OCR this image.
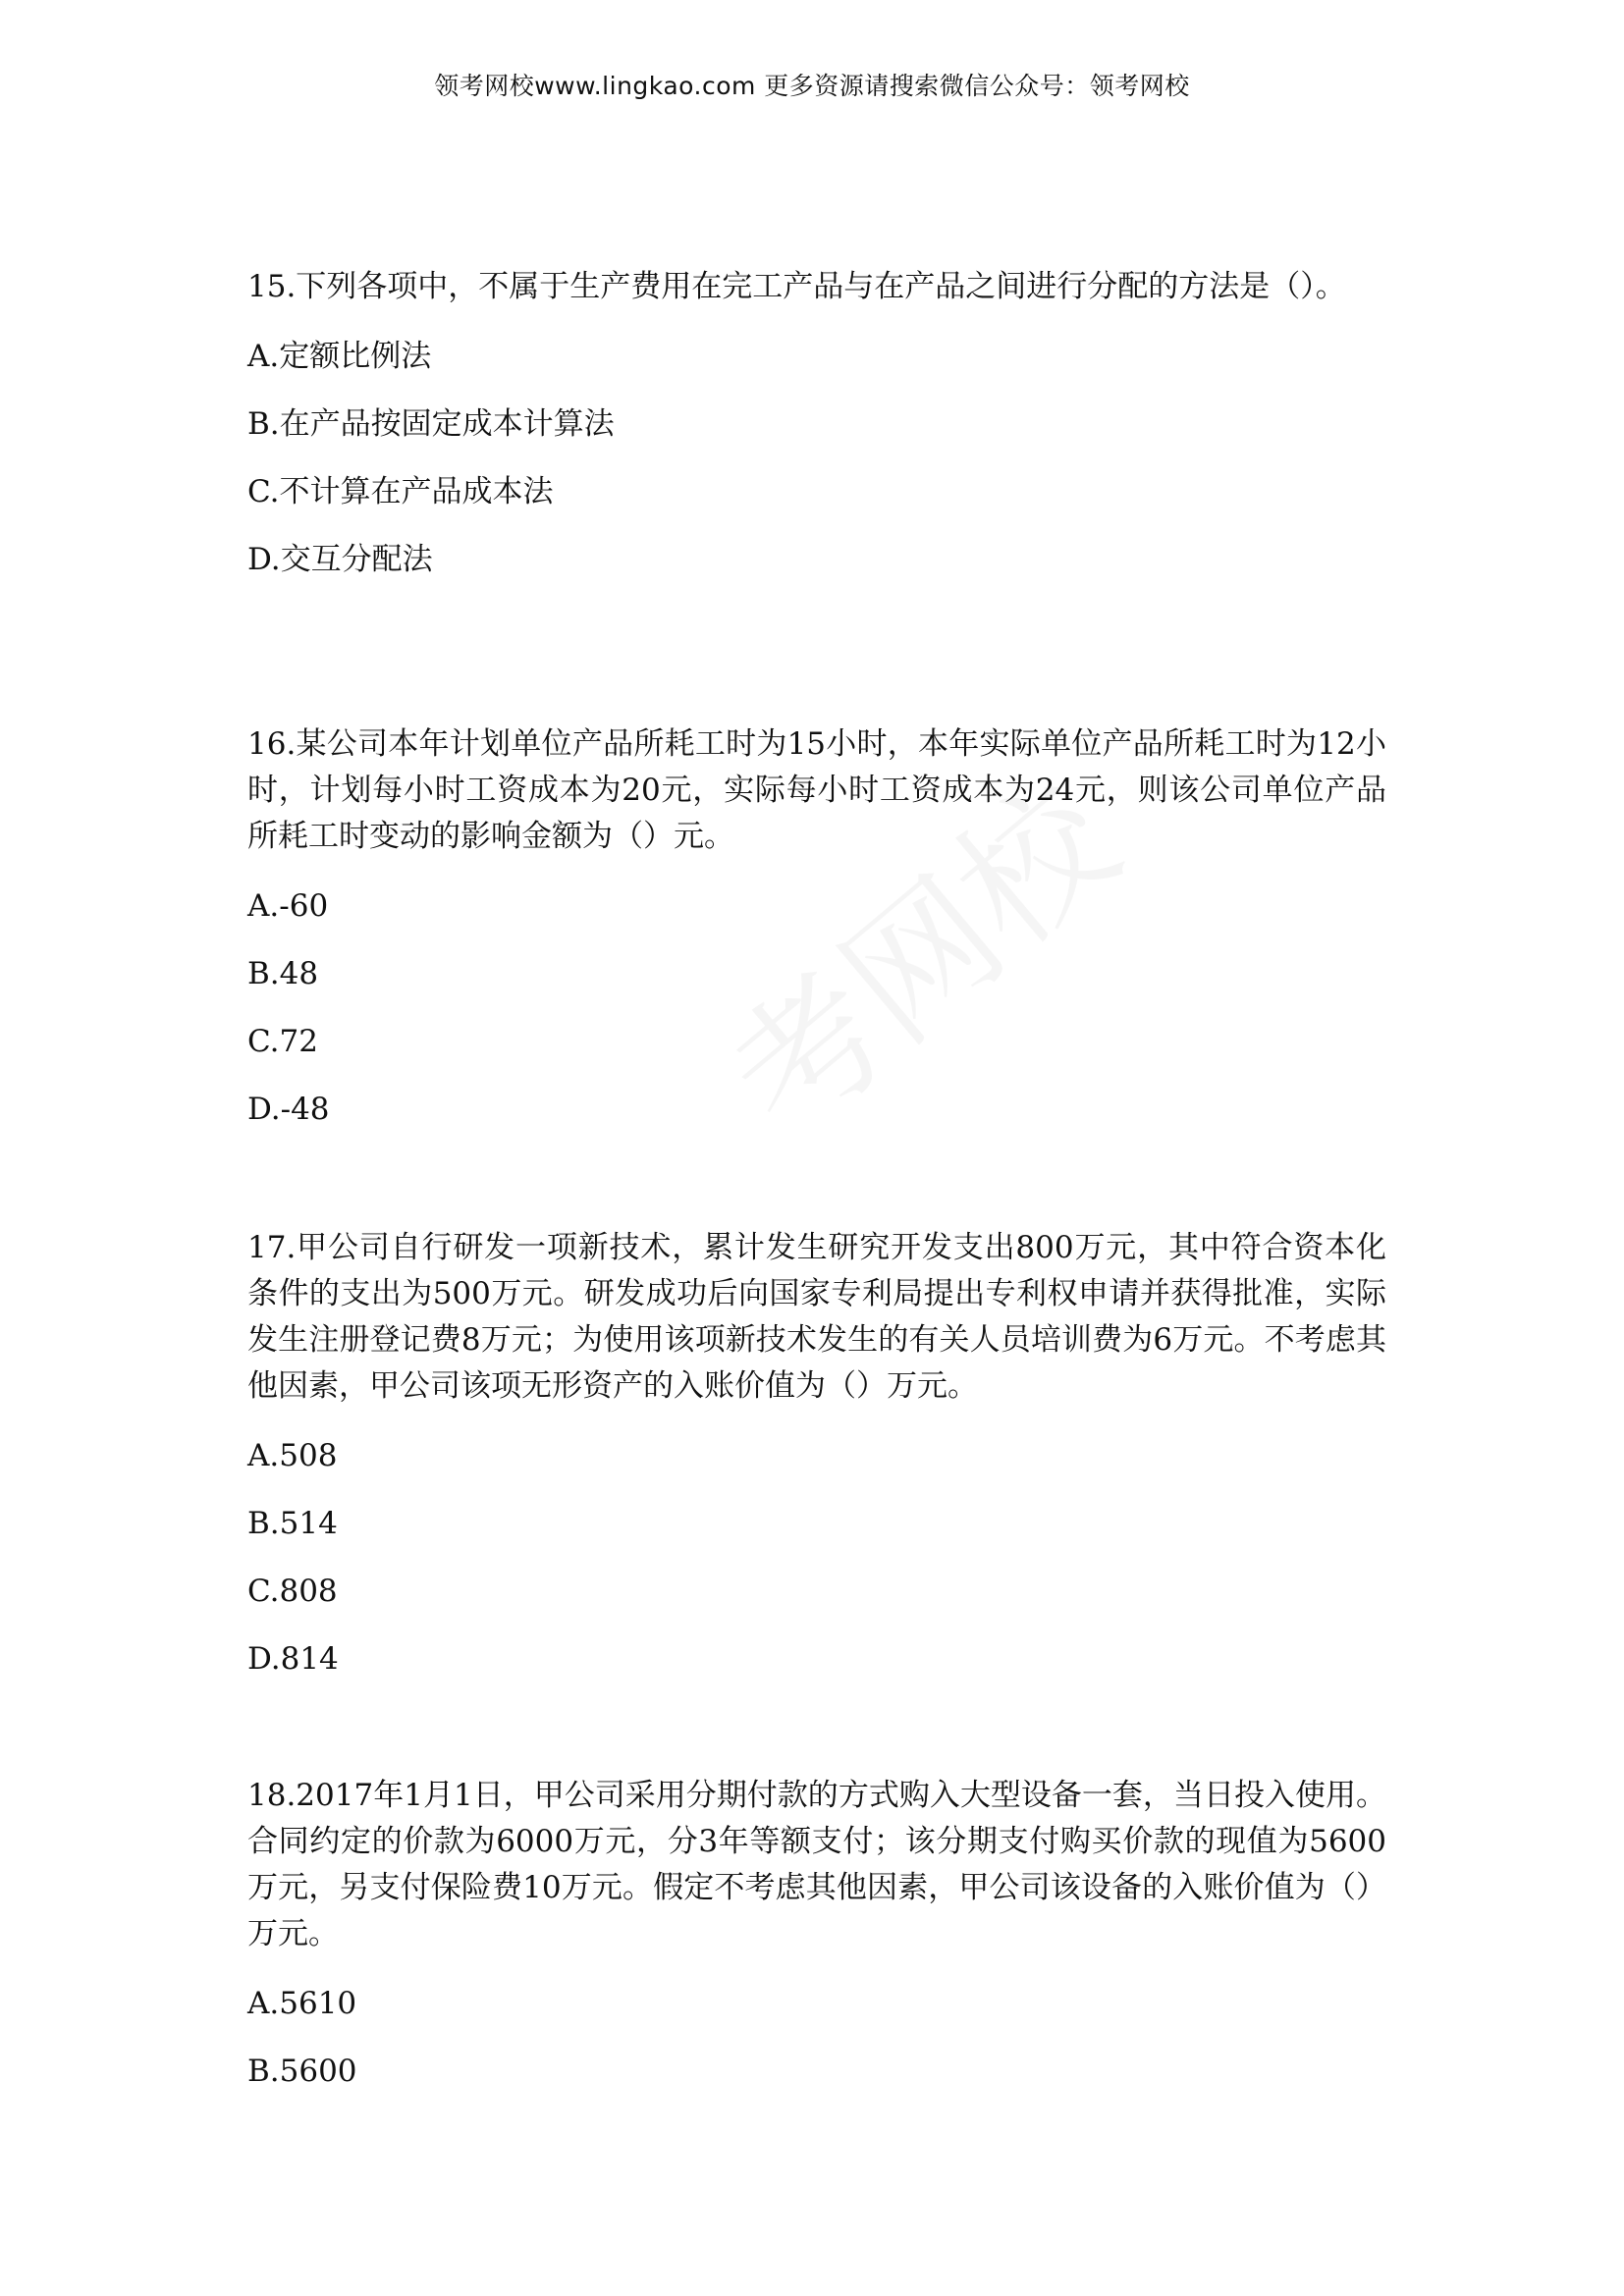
领考网校www.lingkao.com 更多资源请搜索微信公众号：领考网校

15.下列各项中，不属于生产费用在完工产品与在产品之间进行分配的方法是（）。

A.定额比例法
B.在产品按固定成本计算法
C.不计算在产品成本法
D.交互分配法

16.某公司本年计划单位产品所耗工时为15小时，本年实际单位产品所耗工时为12小时，计划每小时工资成本为20元，实际每小时工资成本为24元，则该公司单位产品所耗工时变动的影响金额为（）元。

A.-60
B.48
C.72
D.-48

17.甲公司自行研发一项新技术，累计发生研究开发支出800万元，其中符合资本化条件的支出为500万元。研发成功后向国家专利局提出专利权申请并获得批准，实际发生注册登记费8万元；为使用该项新技术发生的有关人员培训费为6万元。不考虑其他因素，甲公司该项无形资产的入账价值为（）万元。

A.508
B.514
C.808
D.814

18.2017年1月1日，甲公司采用分期付款的方式购入大型设备一套，当日投入使用。合同约定的价款为6000万元，分3年等额支付；该分期支付购买价款的现值为5600万元，另支付保险费10万元。假定不考虑其他因素，甲公司该设备的入账价值为（）万元。

A.5610
B.5600
